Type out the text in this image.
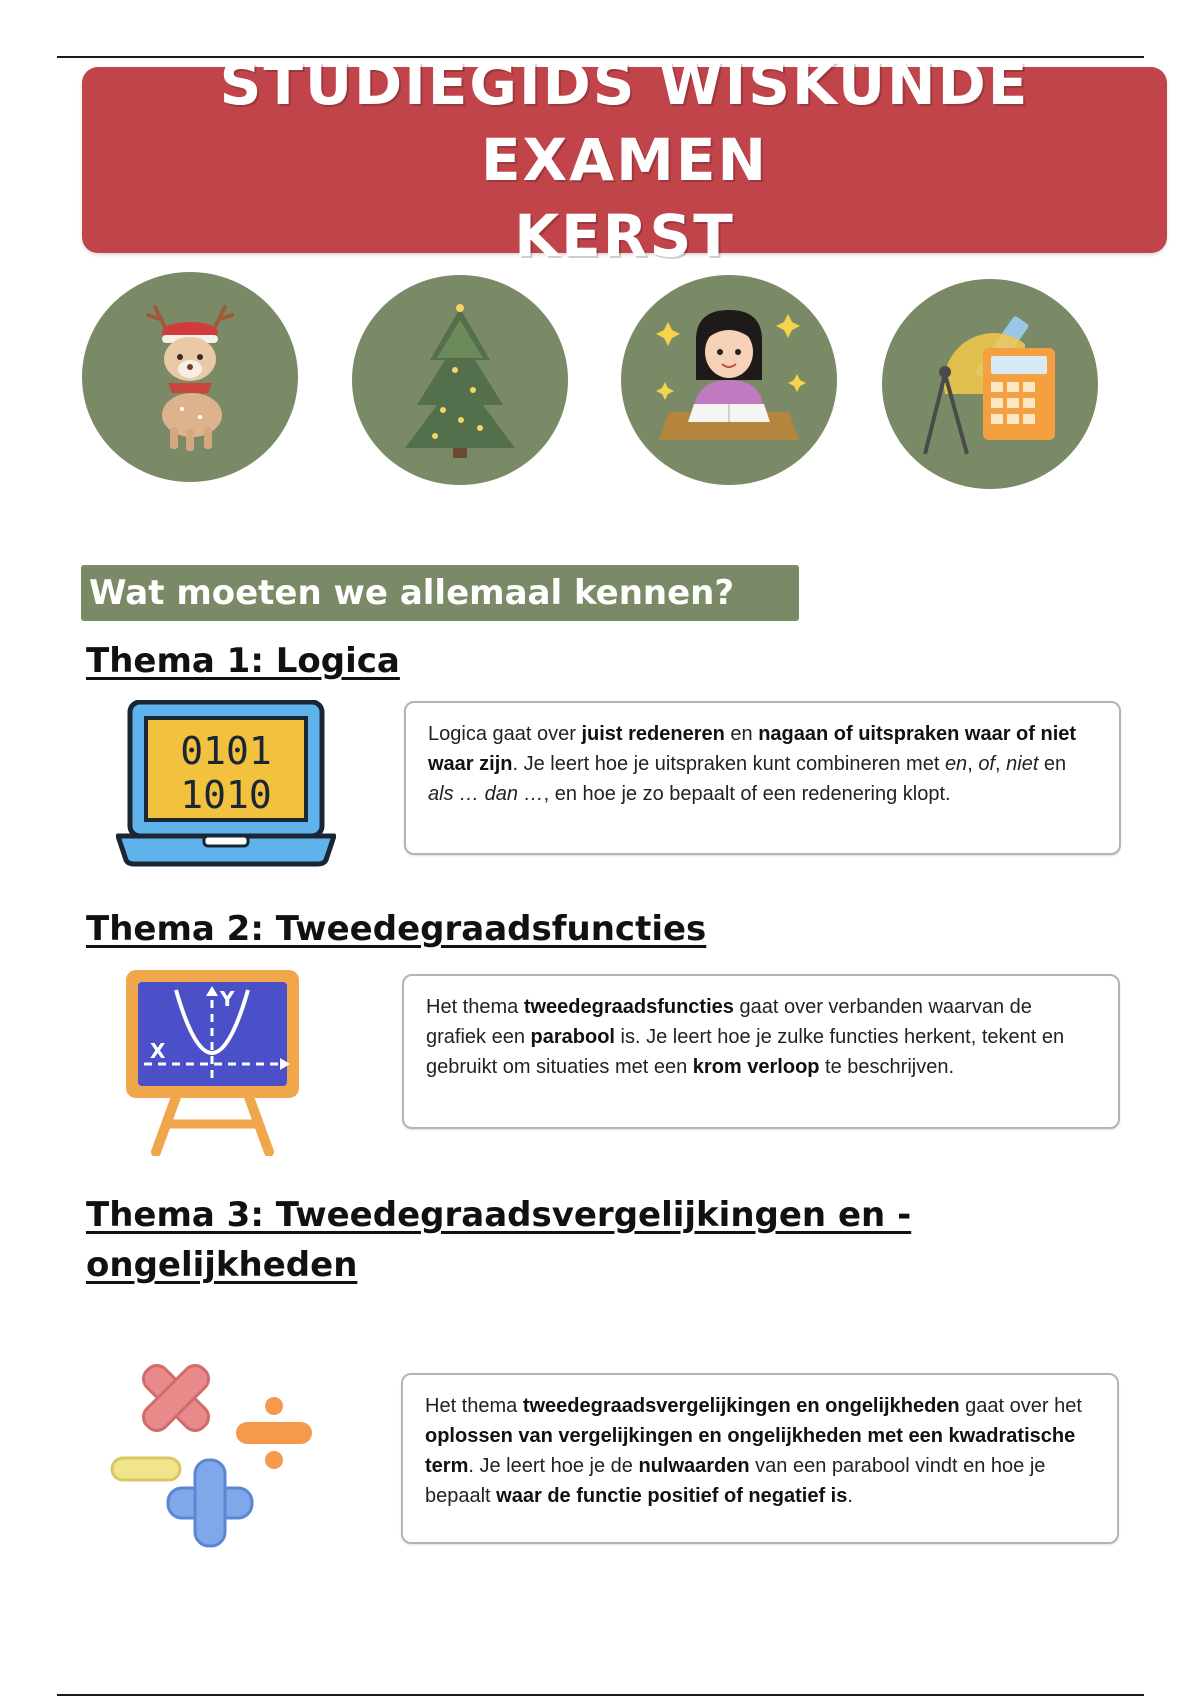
STUDIEGIDS WISKUNDE EXAMEN
KERST
Wat moeten we allemaal kennen?
Thema 1: Logica
0101
1010
Logica gaat over juist redeneren en nagaan of uitspraken waar of niet waar zijn. Je leert hoe je uitspraken kunt combineren met en, of, niet en als … dan …, en hoe je zo bepaalt of een redenering klopt.
Thema 2: Tweedegraadsfuncties
X
Y	Het thema tweedegraadsfuncties gaat over verbanden waarvan de grafiek een parabool is. Je leert hoe je zulke functies herkent, tekent en gebruikt om situaties met een krom verloop te beschrijven.
Thema 3: Tweedegraadsvergelijkingen en -
ongelijkheden
Het thema tweedegraadsvergelijkingen en ongelijkheden gaat over het oplossen van vergelijkingen en ongelijkheden met een kwadratische term. Je leert hoe je de nulwaarden van een parabool vindt en hoe je bepaalt waar de functie positief of negatief is.
